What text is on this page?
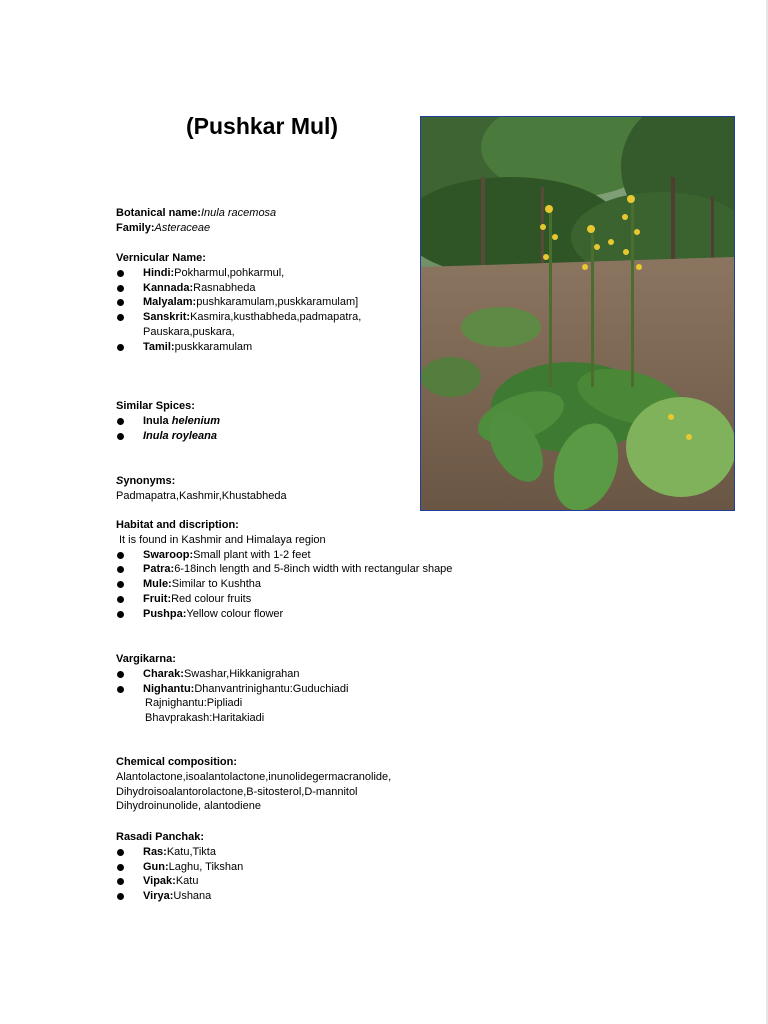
(Pushkar Mul)
Botanical name:Inula racemosa
Family:Asteraceae
Vernicular Name:
Hindi:Pokharmul,pohkarmul,
Kannada:Rasnabheda
Malyalam:pushkaramulam,puskkaramulam]
Sanskrit:Kasmira,kusthabheda,padmapatra,
Pauskara,puskara,
Tamil:puskkaramulam
Similar Spices:
Inula helenium
Inula royleana
Synonyms:
Padmapatra,Kashmir,Khustabheda
Habitat and discription:
It is found in Kashmir and Himalaya region
Swaroop:Small plant with 1-2 feet
Patra:6-18inch length and 5-8inch width with rectangular shape
Mule:Similar to Kushtha
Fruit:Red colour fruits
Pushpa:Yellow colour flower
Vargikarna:
Charak:Swashar,Hikkanigrahan
Nighantu:Dhanvantrinighantu:Guduchiadi
Rajnighantu:Pipliadi
Bhavprakash:Haritakiadi
Chemical composition:
Alantolactone,isoalantolactone,inunolidegermacranolide,
Dihydroisoalantorolactone,B-sitosterol,D-mannitol
Dihydroinunolide, alantodiene
Rasadi Panchak:
Ras:Katu,Tikta
Gun:Laghu, Tikshan
Vipak:Katu
Virya:Ushana
